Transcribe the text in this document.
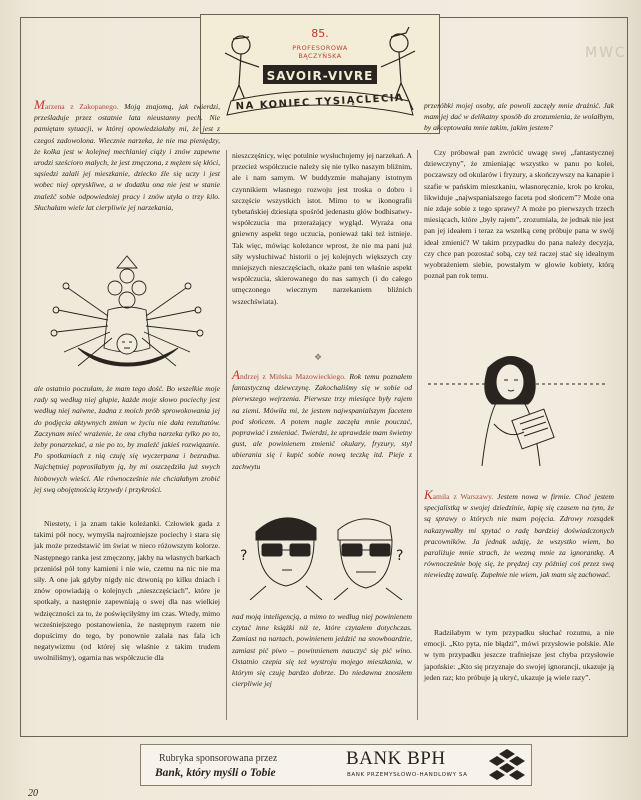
MWC
85.
PROFESOROWA
BĄCZYŃSKA
SAVOIR-VIVRE
NA KONIEC TYSIĄCLECIA

Marzena z Zakopanego. Moją znajomą, jak twierdzi, prześladuje przez ostatnie lata nieustanny pech. Nie pamiętam sytuacji, w której opowiedziałaby mi, że jest z czegoś zadowolona. Wiecznie narzeka, że nie ma pieniędzy, że kolka jest w kolejnej mechlaniej ciąży i znów zapewne urodzi sześcioro małych, że jest zmęczona, z mężem się kłóci, sąsiedzi zalali jej mieszkanie, dziecko źle się uczy i jest wobec niej opryskliwe, a w dodatku ona nie jest w stanie znaleźć sobie odpowiedniej pracy i znów utyła o trzy kilo. Słuchałam wiele lat cierpliwie jej narzekania,

ale ostatnio poczułam, że mam tego dość. Bo wszelkie moje rady są według niej głupie, każde moje słowo pociechy jest według niej naiwne, żadna z moich prób sprowokowania jej do podjęcia aktywnych zmian w życiu nie dała rezultatów. Zaczynam mieć wrażenie, że ona chyba narzeka tylko po to, żeby ponarzekać, a nie po to, by znaleźć jakieś rozwiązanie. Po spotkaniach z nią czuję się wyczerpana i bezradna. Najchętniej poprosiłabym ją, by mi oszczędziła już swych hiobowych wieści. Ale równocześnie nie chciałabym zrobić jej swą obojętnością krzywdy i przykrości.

Niestety, i ja znam takie koleżanki. Człowiek gada z takimi pół nocy, wymyśla najrozniejsze pociechy i stara się jak może przedstawić im świat w nieco różowszym kolorze. Następnego ranka jest zmęczony, jakby na własnych barkach przeniósł pół tony kamieni i nie wie, czemu na nic nie ma siły. A one jak gdyby nigdy nic dzwonią po kilku dniach i znów opowiadają o kolejnych „nieszczęściach”, które je spotkały, a następnie zapewniają o swej dla nas wielkiej wdzięczności za to, że poświęciłyśmy im czas. Wtedy, mimo wcześniejszego postanowienia, że następnym razem nie dopuścimy do tego, by ponownie zalała nas fala ich negatywizmu (od której się właśnie z takim trudem uwolniliśmy), ogarnia nas współczucie dla

nieszczęśnicy, więc potulnie wysłuchujemy jej narzekań. A przecież współczucie należy się nie tylko naszym bliźnim, ale i nam samym. W buddyzmie mahajany istotnym czynnikiem własnego rozwoju jest troska o dobro i szczęście wszystkich istot. Mimo to w ikonografii tybetańskiej dziesiąta spośród jedenastu głów bodhisatwy-współczucia ma przerażający wygląd. Wyraża ona gniewny aspekt tego uczucia, ponieważ taki też istnieje. Tak więc, mówiąc koleżance wprost, że nie ma pani już siły wysłuchiwać historii o jej kolejnych większych czy mniejszych nieszczęściach, okaże pani ten właśnie aspekt współczucia, skierowanego do nas samych (i do całego umęczonego wiecznym narzekaniem bliźnich wszechświata).

❖

Andrzej z Mińska Mazowieckiego. Rok temu poznałem fantastyczną dziewczynę. Zakochaliśmy się w sobie od pierwszego wejrzenia. Pierwsze trzy miesiące były rajem na ziemi. Mówiła mi, że jestem najwspanialszym facetem pod słońcem. A potem nagle zaczęła mnie pouczać, poprawiać i zmieniać. Twierdzi, że uprawdzie mam świetny gust, ale powinienem zmienić okulary, fryzury, styl ubierania się i kupić sobie nową teczkę itd. Pieje z zachwytu

?	?

nad moją inteligencją, a mimo to według niej powinienem czytać inne książki niż te, które czytałem dotychczas. Zamiast na nartach, powinienem jeździć na snowboardzie, zamiast pić piwo – powinnienem nauczyć się pić wino. Ostatnio czepia się też wystroju mojego mieszkania, w którym się czuję bardzo dobrze. Do niedawna znosiłem cierpliwie jej

przeróbki mojej osoby, ale powoli zaczęły mnie drażnić. Jak mam jej dać w delikatny sposób do zrozumienia, że wolałbym, by akceptowała mnie takim, jakim jestem?

Czy próbował pan zwrócić uwagę swej „fantastycznej dziewczyny”, że zmieniając wszystko w panu po kolei, poczawszy od okularów i fryzury, a skończywszy na kanapie i szafie w pańskim mieszkaniu, własnoręcznie, krok po kroku, likwiduje „najwspanialszego faceta pod słońcem”? Może ona nie zdaje sobie z tego sprawy? A może po pierwszych trzech miesiącach, które „były rajem”, zrozumiała, że jednak nie jest pan jej ideałem i teraz za wszelką cenę próbuje pana w swój ideał zmienić? W takim przypadku do pana należy decyzja, czy chce pan pozostać sobą, czy też raczej stać się idealnym wyobrażeniem siebie, powstałym w głowie kobiety, którą poznał pan rok temu.

Kamila z Warszawy. Jestem nowa w firmie. Choć jestem specjalistką w swojej dziedzinie, łapię się czasem na tym, że są sprawy o których nie mam pojęcia. Zdrowy rozsądek nakazywałby mi spytać o radę bardziej doświadczonych pracowników. Ja jednak udaję, że wszystko wiem, bo paraliżuje mnie strach, że wezmą mnie za ignorantkę. A równocześnie boję się, że prędzej czy później coś przez swą niewiedzę zawalę. Zupełnie nie wiem, jak mam się zachować.

Radziłabym w tym przypadku słuchać rozumu, a nie emocji. „Kto pyta, nie błądzi”, mówi przysłowie polskie. Ale w tym przypadku jeszcze trafniejsze jest chyba przysłowie japońskie: „Kto się przyznaje do swojej ignorancji, ukazuje ją jeden raz; kto próbuje ją ukryć, ukazuje ją wiele razy”.

Rubryka sponsorowana przez
Bank, który myśli o Tobie
BANK BPH
BANK PRZEMYSŁOWO-HANDLOWY SA
20
